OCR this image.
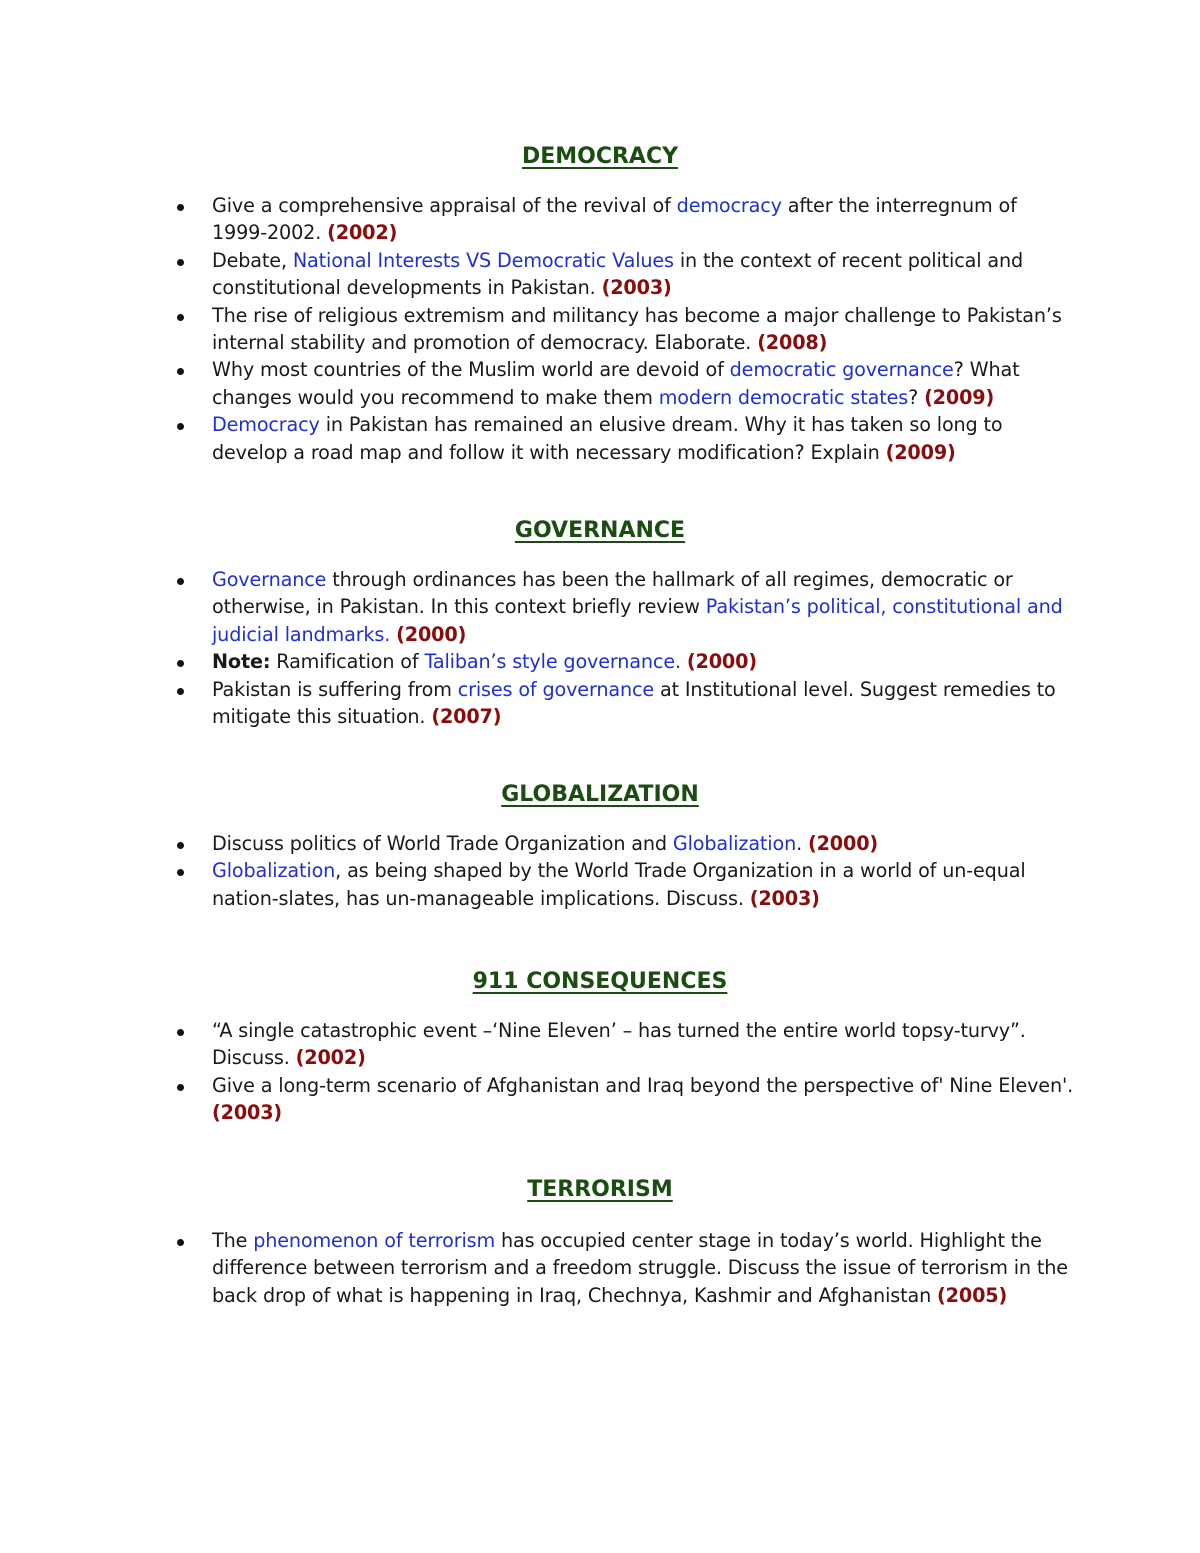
DEMOCRACY
Give a comprehensive appraisal of the revival of democracy after the interregnum of 1999-2002. (2002)
Debate, National Interests VS Democratic Values in the context of recent political and constitutional developments in Pakistan. (2003)
The rise of religious extremism and militancy has become a major challenge to Pakistan’s internal stability and promotion of democracy. Elaborate. (2008)
Why most countries of the Muslim world are devoid of democratic governance? What changes would you recommend to make them modern democratic states? (2009)
Democracy in Pakistan has remained an elusive dream. Why it has taken so long to develop a road map and follow it with necessary modification? Explain (2009)
GOVERNANCE
Governance through ordinances has been the hallmark of all regimes, democratic or otherwise, in Pakistan. In this context briefly review Pakistan’s political, constitutional and judicial landmarks. (2000)
Note: Ramification of Taliban’s style governance. (2000)
Pakistan is suffering from crises of governance at Institutional level. Suggest remedies to mitigate this situation. (2007)
GLOBALIZATION
Discuss politics of World Trade Organization and Globalization. (2000)
Globalization, as being shaped by the World Trade Organization in a world of un-equal nation-slates, has un-manageable implications. Discuss. (2003)
911 CONSEQUENCES
“A single catastrophic event –‘Nine Eleven’ – has turned the entire world topsy-turvy”. Discuss. (2002)
Give a long-term scenario of Afghanistan and Iraq beyond the perspective of' Nine Eleven'. (2003)
TERRORISM
The phenomenon of terrorism has occupied center stage in today’s world. Highlight the difference between terrorism and a freedom struggle. Discuss the issue of terrorism in the back drop of what is happening in Iraq, Chechnya, Kashmir and Afghanistan (2005)
